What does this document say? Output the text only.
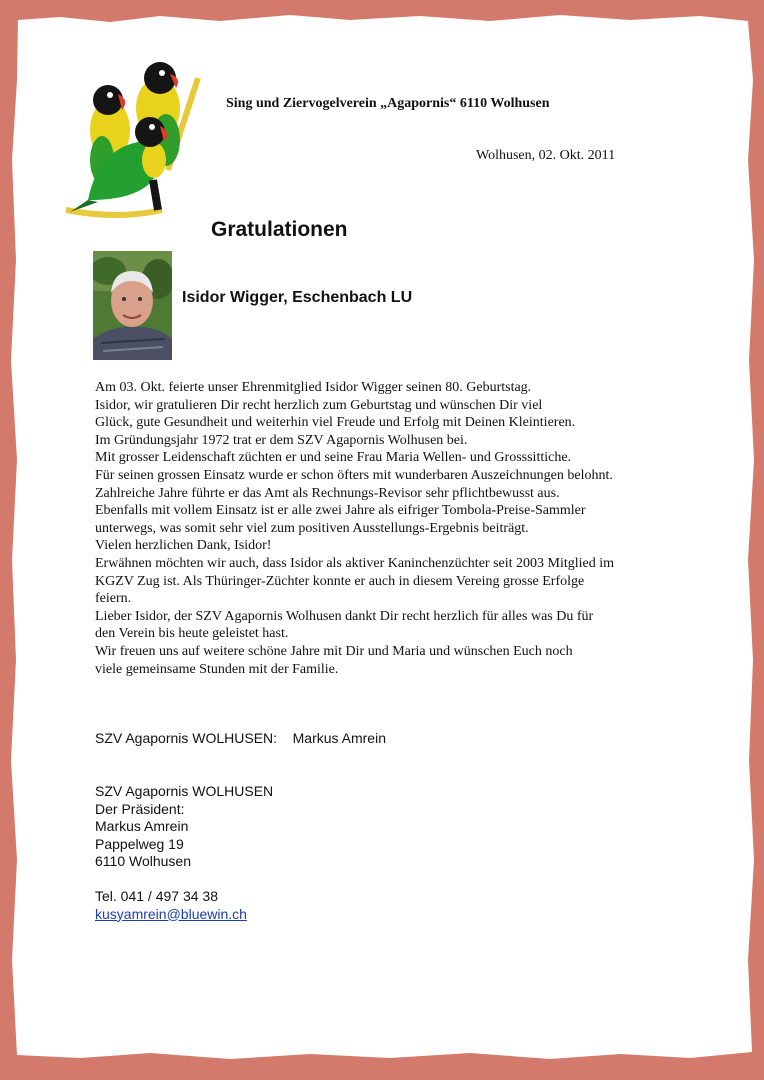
Sing und Ziervogelverein „Agapornis“ 6110 Wolhusen
Wolhusen, 02. Okt. 2011
Gratulationen
Isidor Wigger, Eschenbach LU
Am 03. Okt. feierte unser Ehrenmitglied Isidor Wigger seinen 80. Geburtstag.
Isidor, wir gratulieren Dir recht herzlich zum Geburtstag und wünschen Dir viel
Glück, gute Gesundheit und weiterhin viel Freude und Erfolg mit Deinen Kleintieren.
Im Gründungsjahr 1972 trat er dem SZV Agapornis Wolhusen bei.
Mit grosser Leidenschaft züchten er und seine Frau Maria Wellen- und Grosssittiche.
Für seinen grossen Einsatz wurde er schon öfters mit wunderbaren Auszeichnungen belohnt.
Zahlreiche Jahre führte er das Amt als Rechnungs-Revisor sehr pflichtbewusst aus.
Ebenfalls mit vollem Einsatz ist er alle zwei Jahre als eifriger Tombola-Preise-Sammler
unterwegs, was somit sehr viel zum positiven Ausstellungs-Ergebnis beiträgt.
Vielen herzlichen Dank, Isidor!
Erwähnen möchten wir auch, dass Isidor als aktiver Kaninchenzüchter seit 2003 Mitglied im
KGZV Zug ist. Als Thüringer-Züchter konnte er auch in diesem Vereing grosse Erfolge
feiern.
Lieber Isidor, der SZV Agapornis Wolhusen dankt Dir recht herzlich für alles was Du für
den Verein bis heute geleistet hast.
Wir freuen uns auf weitere schöne Jahre mit Dir und Maria und wünschen Euch noch
viele gemeinsame Stunden mit der Familie.
SZV Agapornis WOLHUSEN: Markus Amrein
SZV Agapornis WOLHUSEN
Der Präsident:
Markus Amrein
Pappelweg 19
6110 Wolhusen
Tel. 041 / 497 34 38
kusyamrein@bluewin.ch
